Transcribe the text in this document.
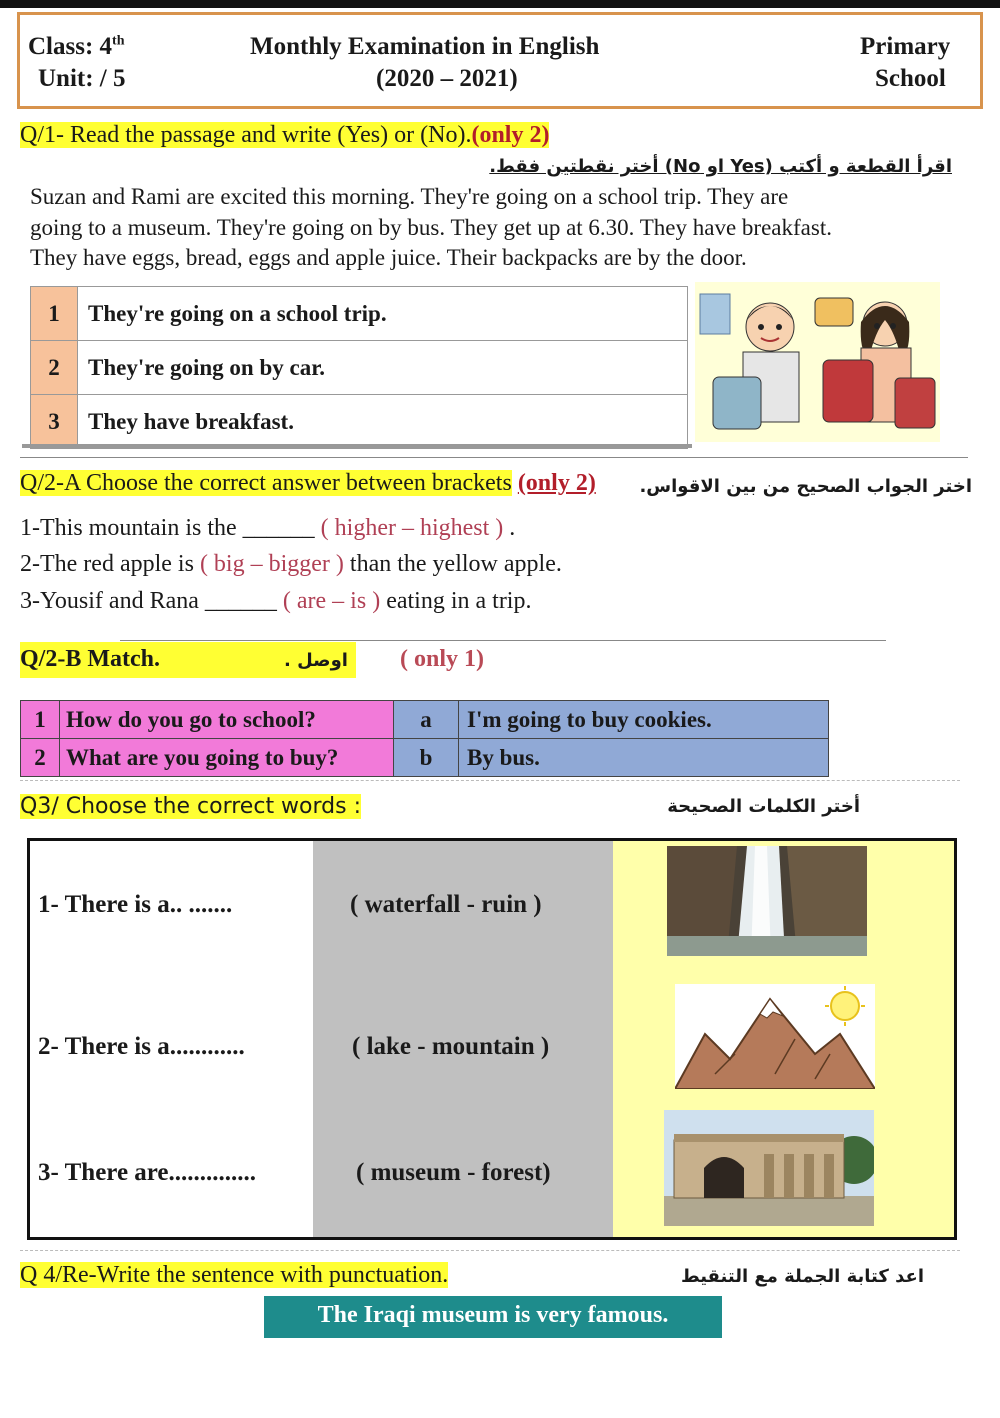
Class: 4th
Unit: / 5
Monthly Examination in English
(2020 – 2021)
Primary
School
Q/1- Read the passage and write (Yes) or (No).(only 2)
اقرأ القطعة و أكتب (Yes او No) أختر نقطتين فقط.
Suzan and Rami are excited this morning. They're going on a school trip. They are
going to a museum. They're going on by bus. They get up at 6.30. They have breakfast.
They have eggs, bread, eggs and apple juice. Their backpacks are by the door.
1	They're going on a school trip.
2	They're going on by car.
3	They have breakfast.
Q/2-A Choose the correct answer between brackets (only 2) اختر الجواب الصحيح من بين الاقواس.
1-This mountain is the ______ ( higher – highest ) .
2-The red apple is ( big – bigger ) than the yellow apple.
3-Yousif and Rana ______ ( are – is ) eating in a trip.
Q/2-B Match.	اوصل . ( only 1)
1	How do you go to school?	a	I'm going to buy cookies.
2	What are you going to buy?	b	By bus.
Q3/ Choose the correct words :	أختر الكلمات الصحيحة
1- There is a.. .......	( waterfall - ruin )
2- There is a............	( lake - mountain )
3- There are..............	( museum - forest)
Q 4/Re-Write the sentence with punctuation.	اعد كتابة الجملة مع التنقيط
The Iraqi museum is very famous.
